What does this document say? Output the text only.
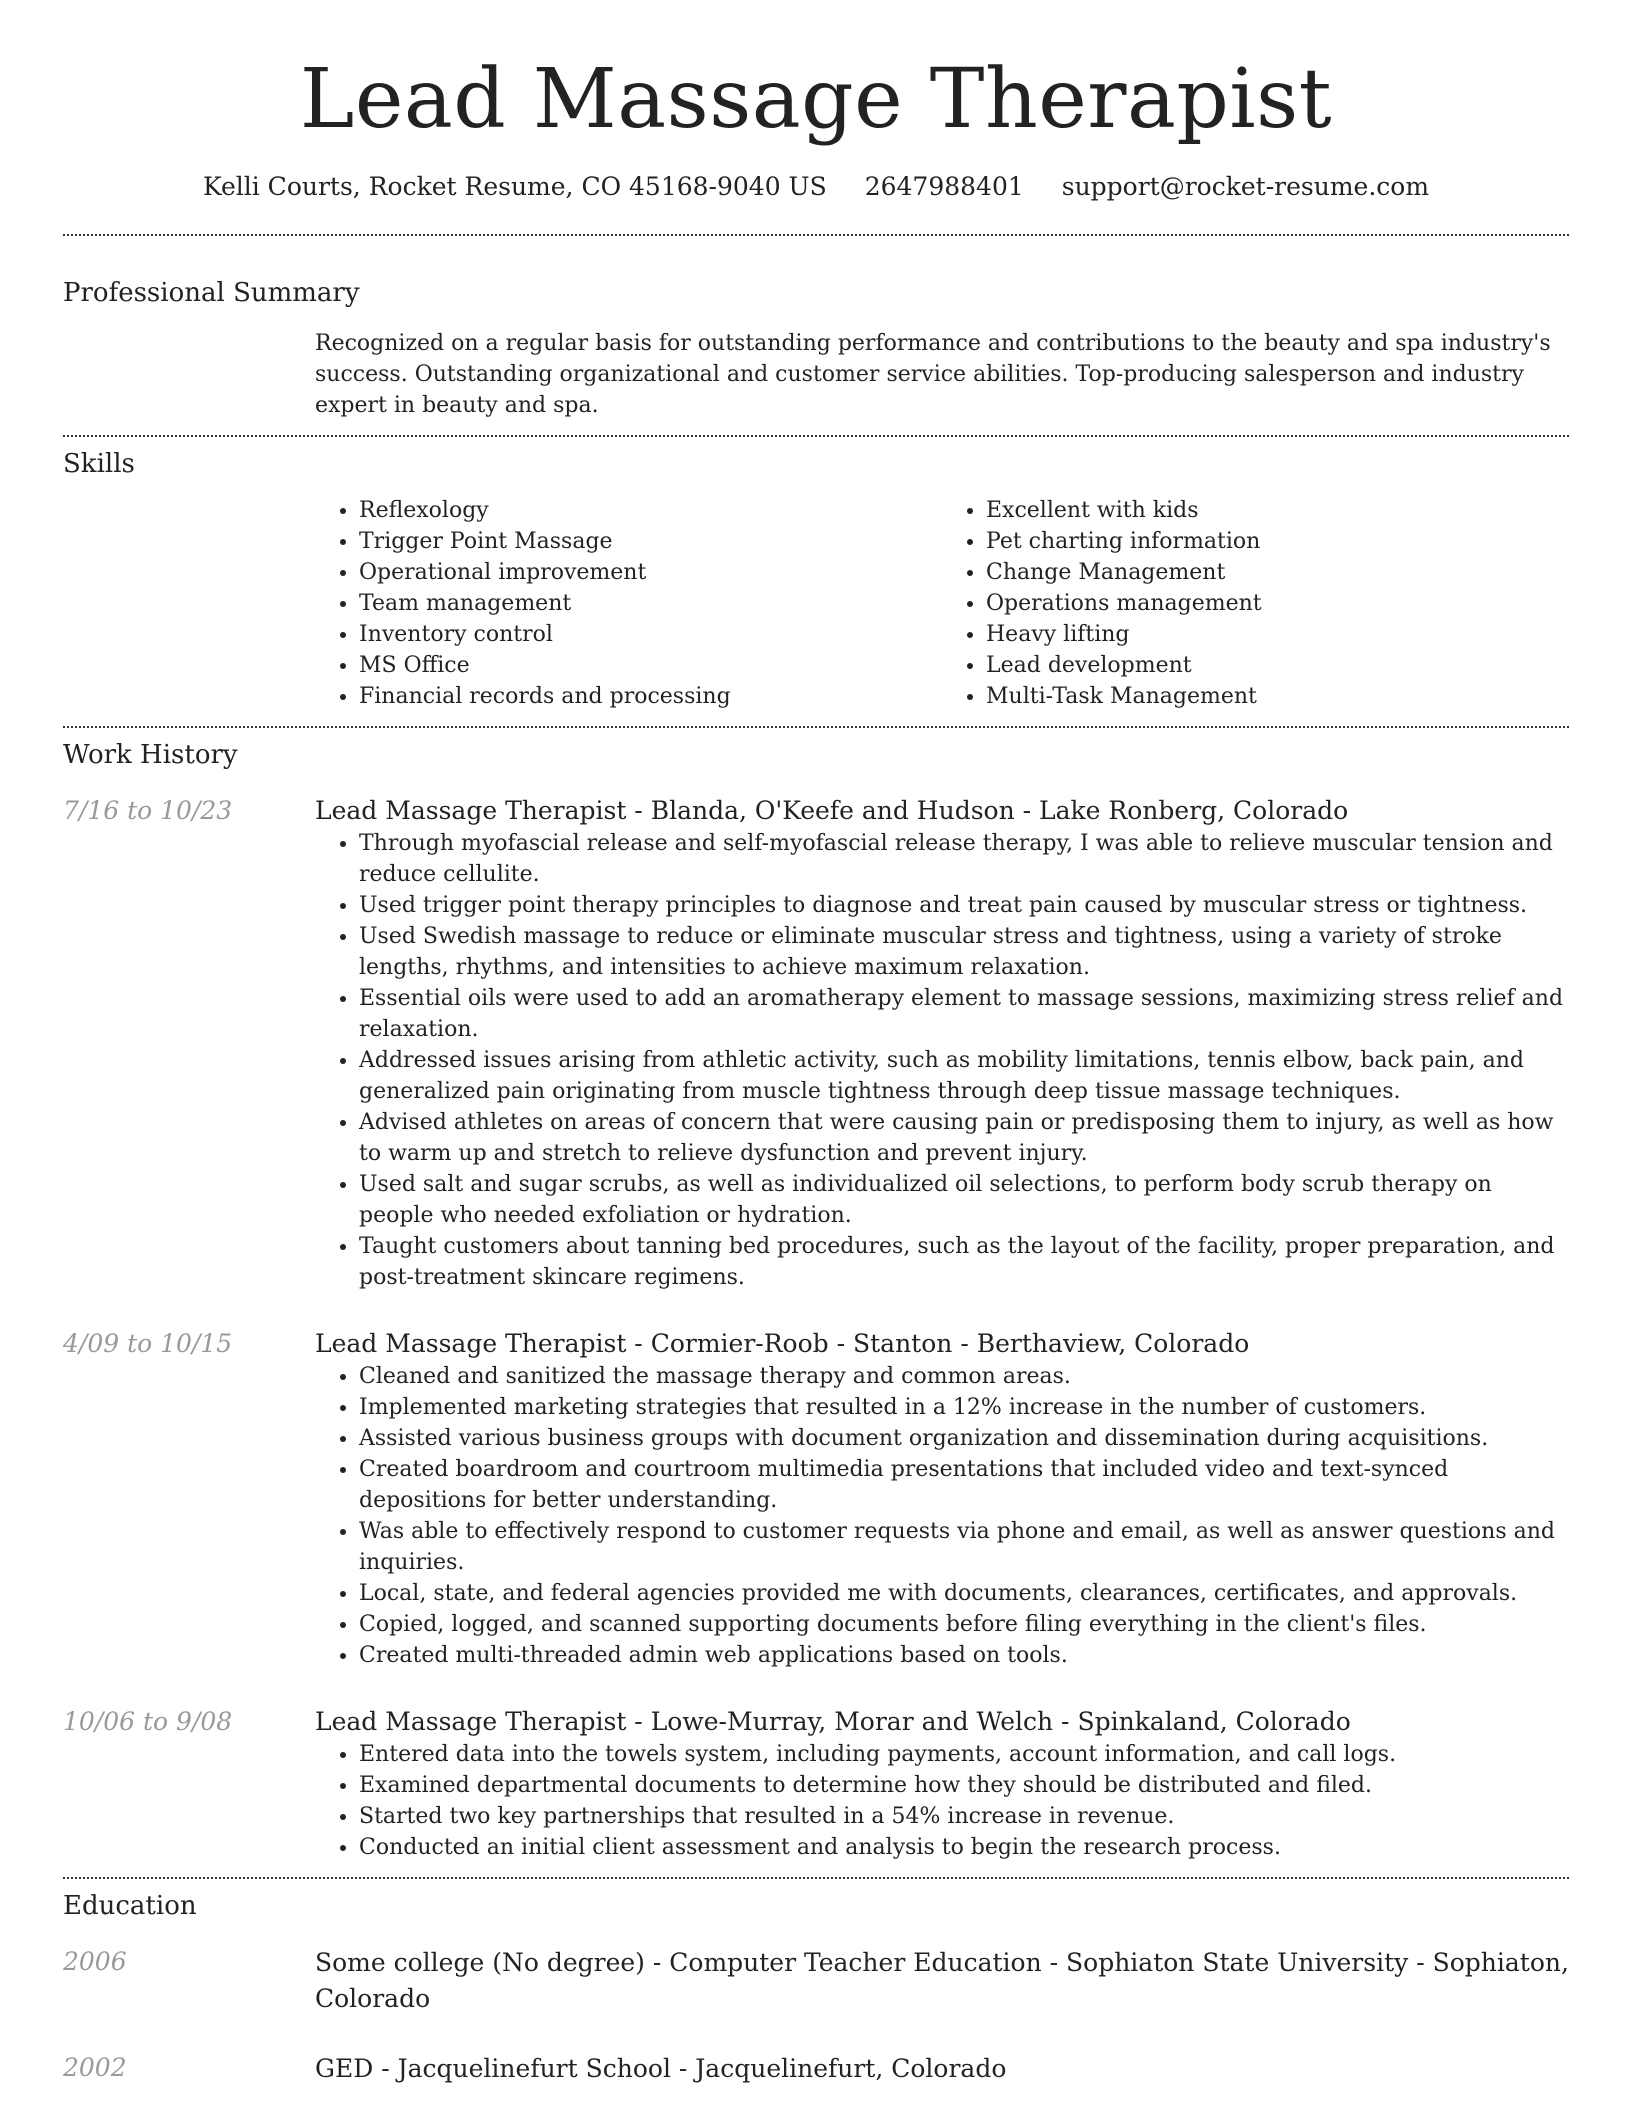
Lead Massage Therapist
Kelli Courts, Rocket Resume, CO 45168-9040 US 2647988401 support@rocket-resume.com
Professional Summary
Recognized on a regular basis for outstanding performance and contributions to the beauty and spa industry's success. Outstanding organizational and customer service abilities. Top-producing salesperson and industry expert in beauty and spa.
Skills
• Reflexology
• Trigger Point Massage
• Operational improvement
• Team management
• Inventory control
• MS Office
• Financial records and processing
• Excellent with kids
• Pet charting information
• Change Management
• Operations management
• Heavy lifting
• Lead development
• Multi-Task Management
Work History
7/16 to 10/23	Lead Massage Therapist - Blanda, O'Keefe and Hudson - Lake Ronberg, Colorado
• Through myofascial release and self-myofascial release therapy, I was able to relieve muscular tension and reduce cellulite.
• Used trigger point therapy principles to diagnose and treat pain caused by muscular stress or tightness.
• Used Swedish massage to reduce or eliminate muscular stress and tightness, using a variety of stroke lengths, rhythms, and intensities to achieve maximum relaxation.
• Essential oils were used to add an aromatherapy element to massage sessions, maximizing stress relief and relaxation.
• Addressed issues arising from athletic activity, such as mobility limitations, tennis elbow, back pain, and generalized pain originating from muscle tightness through deep tissue massage techniques.
• Advised athletes on areas of concern that were causing pain or predisposing them to injury, as well as how to warm up and stretch to relieve dysfunction and prevent injury.
• Used salt and sugar scrubs, as well as individualized oil selections, to perform body scrub therapy on people who needed exfoliation or hydration.
• Taught customers about tanning bed procedures, such as the layout of the facility, proper preparation, and post-treatment skincare regimens.
4/09 to 10/15	Lead Massage Therapist - Cormier-Roob - Stanton - Berthaview, Colorado
• Cleaned and sanitized the massage therapy and common areas.
• Implemented marketing strategies that resulted in a 12% increase in the number of customers.
• Assisted various business groups with document organization and dissemination during acquisitions.
• Created boardroom and courtroom multimedia presentations that included video and text-synced depositions for better understanding.
• Was able to effectively respond to customer requests via phone and email, as well as answer questions and inquiries.
• Local, state, and federal agencies provided me with documents, clearances, certificates, and approvals.
• Copied, logged, and scanned supporting documents before filing everything in the client's files.
• Created multi-threaded admin web applications based on tools.
10/06 to 9/08	Lead Massage Therapist - Lowe-Murray, Morar and Welch - Spinkaland, Colorado
• Entered data into the towels system, including payments, account information, and call logs.
• Examined departmental documents to determine how they should be distributed and filed.
• Started two key partnerships that resulted in a 54% increase in revenue.
• Conducted an initial client assessment and analysis to begin the research process.
Education
2006	Some college (No degree) - Computer Teacher Education - Sophiaton State University - Sophiaton, Colorado
2002	GED - Jacquelinefurt School - Jacquelinefurt, Colorado
